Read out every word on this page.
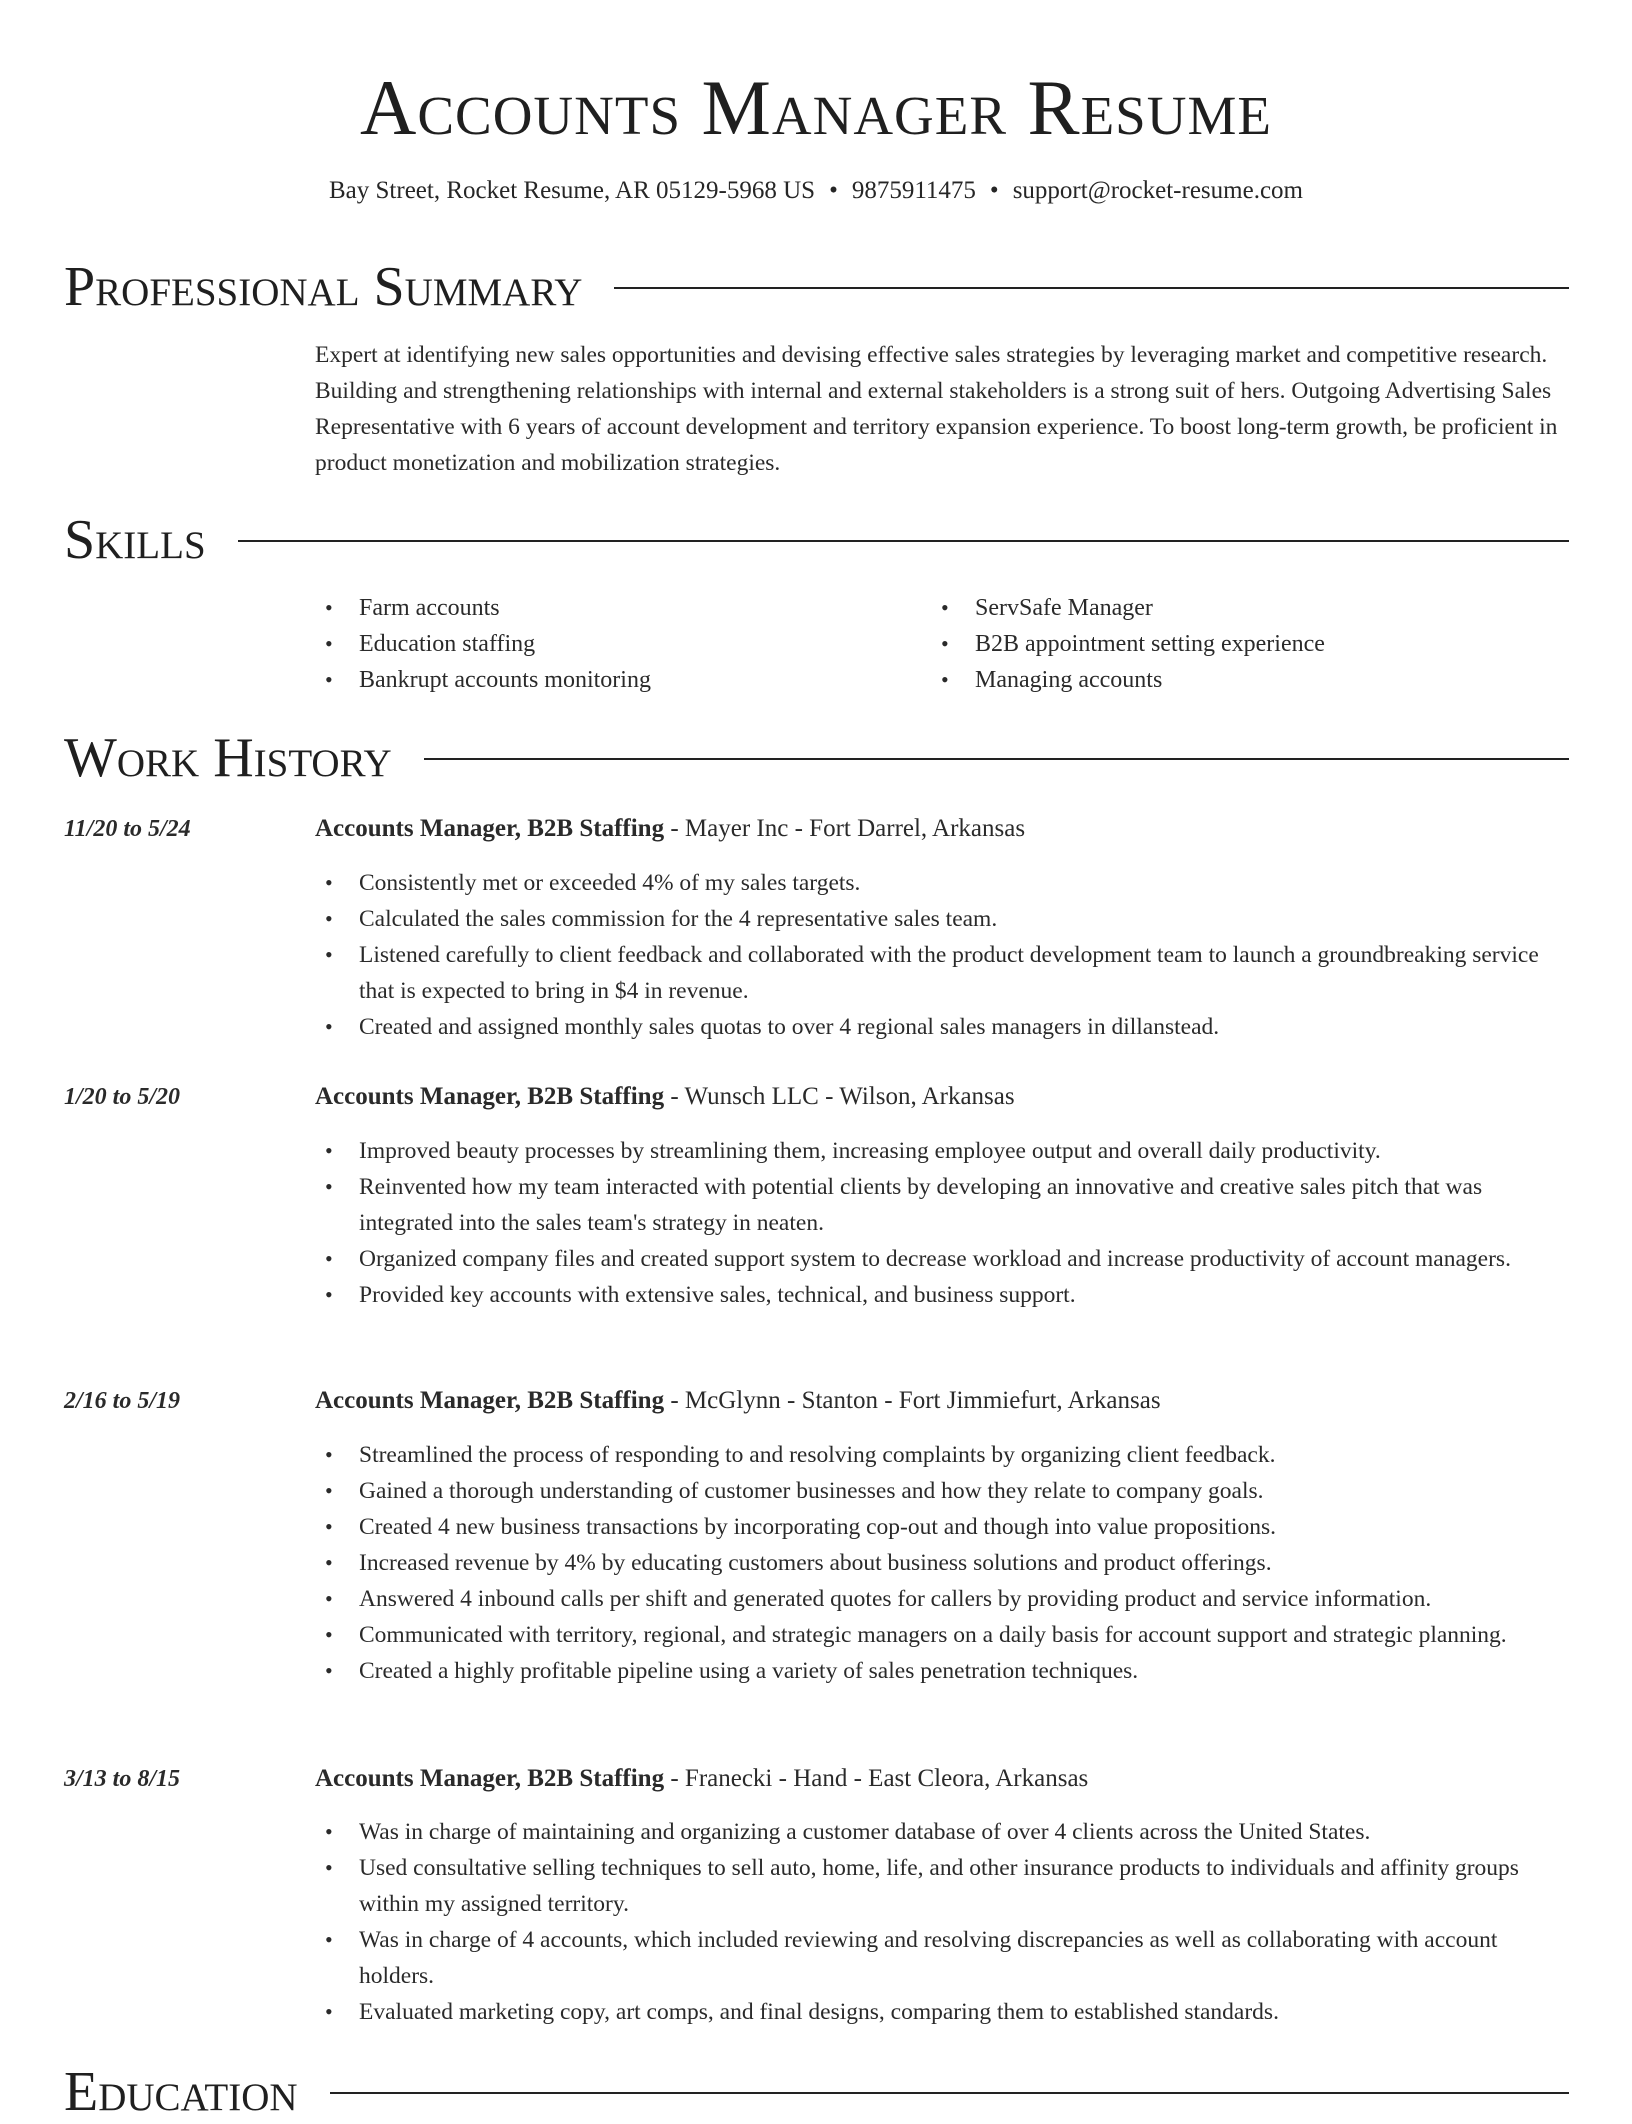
Accounts Manager Resume
Bay Street, Rocket Resume, AR 05129-5968 US • 9875911475 • support@rocket-resume.com
Professional Summary

Expert at identifying new sales opportunities and devising effective sales strategies by leveraging market and competitive research. Building and strengthening relationships with internal and external stakeholders is a strong suit of hers. Outgoing Advertising Sales Representative with 6 years of account development and territory expansion experience. To boost long-term growth, be proficient in product monetization and mobilization strategies.

Skills
• Farm accounts
• Education staffing
• Bankrupt accounts monitoring
• ServSafe Manager
• B2B appointment setting experience
• Managing accounts
Work History
11/20 to 5/24	Accounts Manager, B2B Staffing - Mayer Inc - Fort Darrel, Arkansas
• Consistently met or exceeded 4% of my sales targets.
• Calculated the sales commission for the 4 representative sales team.
• Listened carefully to client feedback and collaborated with the product development team to launch a groundbreaking service that is expected to bring in $4 in revenue.
• Created and assigned monthly sales quotas to over 4 regional sales managers in dillanstead.
1/20 to 5/20	Accounts Manager, B2B Staffing - Wunsch LLC - Wilson, Arkansas
• Improved beauty processes by streamlining them, increasing employee output and overall daily productivity.
• Reinvented how my team interacted with potential clients by developing an innovative and creative sales pitch that was integrated into the sales team's strategy in neaten.
• Organized company files and created support system to decrease workload and increase productivity of account managers.
• Provided key accounts with extensive sales, technical, and business support.
2/16 to 5/19	Accounts Manager, B2B Staffing - McGlynn - Stanton - Fort Jimmiefurt, Arkansas
• Streamlined the process of responding to and resolving complaints by organizing client feedback.
• Gained a thorough understanding of customer businesses and how they relate to company goals.
• Created 4 new business transactions by incorporating cop-out and though into value propositions.
• Increased revenue by 4% by educating customers about business solutions and product offerings.
• Answered 4 inbound calls per shift and generated quotes for callers by providing product and service information.
• Communicated with territory, regional, and strategic managers on a daily basis for account support and strategic planning.
• Created a highly profitable pipeline using a variety of sales penetration techniques.
3/13 to 8/15	Accounts Manager, B2B Staffing - Franecki - Hand - East Cleora, Arkansas
• Was in charge of maintaining and organizing a customer database of over 4 clients across the United States.
• Used consultative selling techniques to sell auto, home, life, and other insurance products to individuals and affinity groups within my assigned territory.
• Was in charge of 4 accounts, which included reviewing and resolving discrepancies as well as collaborating with account holders.
• Evaluated marketing copy, art comps, and final designs, comparing them to established standards.
Education
